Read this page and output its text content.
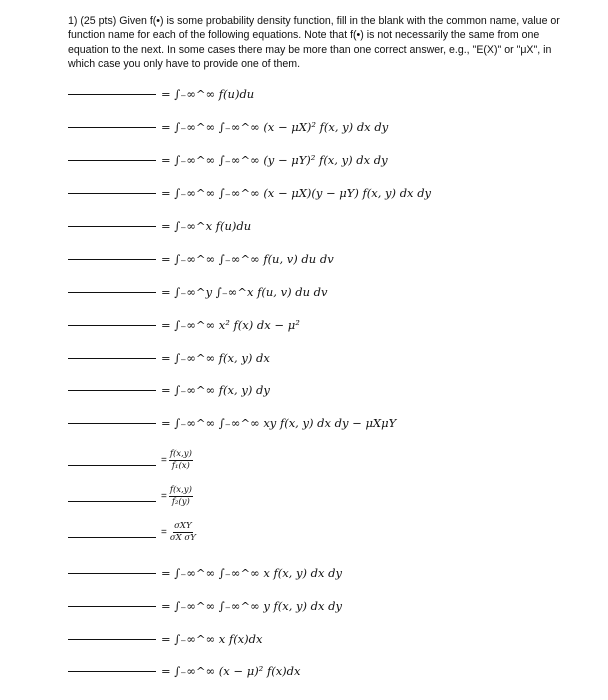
1) (25 pts) Given f(•) is some probability density function, fill in the blank with the common name, value or function name for each of the following equations. Note that f(•) is not necessarily the same from one equation to the next. In some cases there may be more than one correct answer, e.g., "E(X)" or "μX", in which case you only have to provide one of them.
= ∫₋∞^∞ f(u)du
= ∫₋∞^∞ ∫₋∞^∞ (x − μX)² f(x, y) dx dy
= ∫₋∞^∞ ∫₋∞^∞ (y − μY)² f(x, y) dx dy
= ∫₋∞^∞ ∫₋∞^∞ (x − μX)(y − μY) f(x, y) dx dy
= ∫₋∞^x f(u)du
= ∫₋∞^∞ ∫₋∞^∞ f(u, v) du dv
= ∫₋∞^y ∫₋∞^x f(u, v) du dv
= ∫₋∞^∞ x² f(x) dx − μ²
= ∫₋∞^∞ f(x, y) dx
= ∫₋∞^∞ f(x, y) dy
= ∫₋∞^∞ ∫₋∞^∞ xy f(x, y) dx dy − μXμY
= $\frac{f(x,y)}{\text{f₁(x)}}$
= $\frac{f(x,y)}{\text{f₂(y)}}$
= $\frac{\text{σXY}}{\text{σX σY}}$
= ∫₋∞^∞ ∫₋∞^∞ x f(x, y) dx dy
= ∫₋∞^∞ ∫₋∞^∞ y f(x, y) dx dy
= ∫₋∞^∞ x f(x)dx
= ∫₋∞^∞ (x − μ)² f(x)dx
